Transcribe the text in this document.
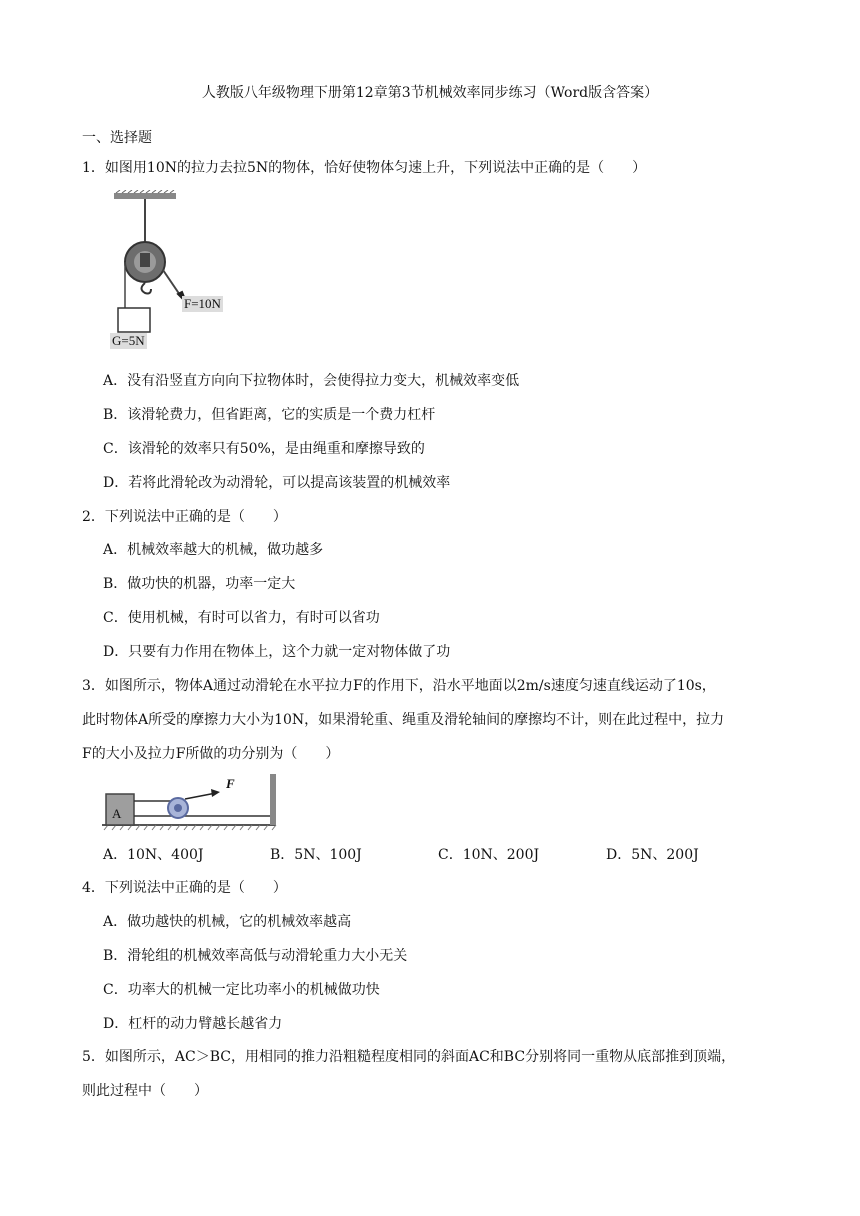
人教版八年级物理下册第12章第3节机械效率同步练习（Word版含答案）
一、选择题
1．如图用10N的拉力去拉5N的物体，恰好使物体匀速上升，下列说法中正确的是（　　）
F=10N
G=5N
A．没有沿竖直方向向下拉物体时，会使得拉力变大，机械效率变低
B．该滑轮费力，但省距离，它的实质是一个费力杠杆
C．该滑轮的效率只有50%，是由绳重和摩擦导致的
D．若将此滑轮改为动滑轮，可以提高该装置的机械效率
2．下列说法中正确的是（　　）
A．机械效率越大的机械，做功越多
B．做功快的机器，功率一定大
C．使用机械，有时可以省力，有时可以省功
D．只要有力作用在物体上，这个力就一定对物体做了功
3．如图所示，物体A通过动滑轮在水平拉力F的作用下，沿水平地面以2m/s速度匀速直线运动了10s，
此时物体A所受的摩擦力大小为10N，如果滑轮重、绳重及滑轮轴间的摩擦均不计，则在此过程中，拉力
F的大小及拉力F所做的功分别为（　　）
A
F
A．10N、400J	B．5N、100J	C．10N、200J	D．5N、200J
4．下列说法中正确的是（　　）
A．做功越快的机械，它的机械效率越高
B．滑轮组的机械效率高低与动滑轮重力大小无关
C．功率大的机械一定比功率小的机械做功快
D．杠杆的动力臂越长越省力
5．如图所示，AC＞BC，用相同的推力沿粗糙程度相同的斜面AC和BC分别将同一重物从底部推到顶端，
则此过程中（　　）
